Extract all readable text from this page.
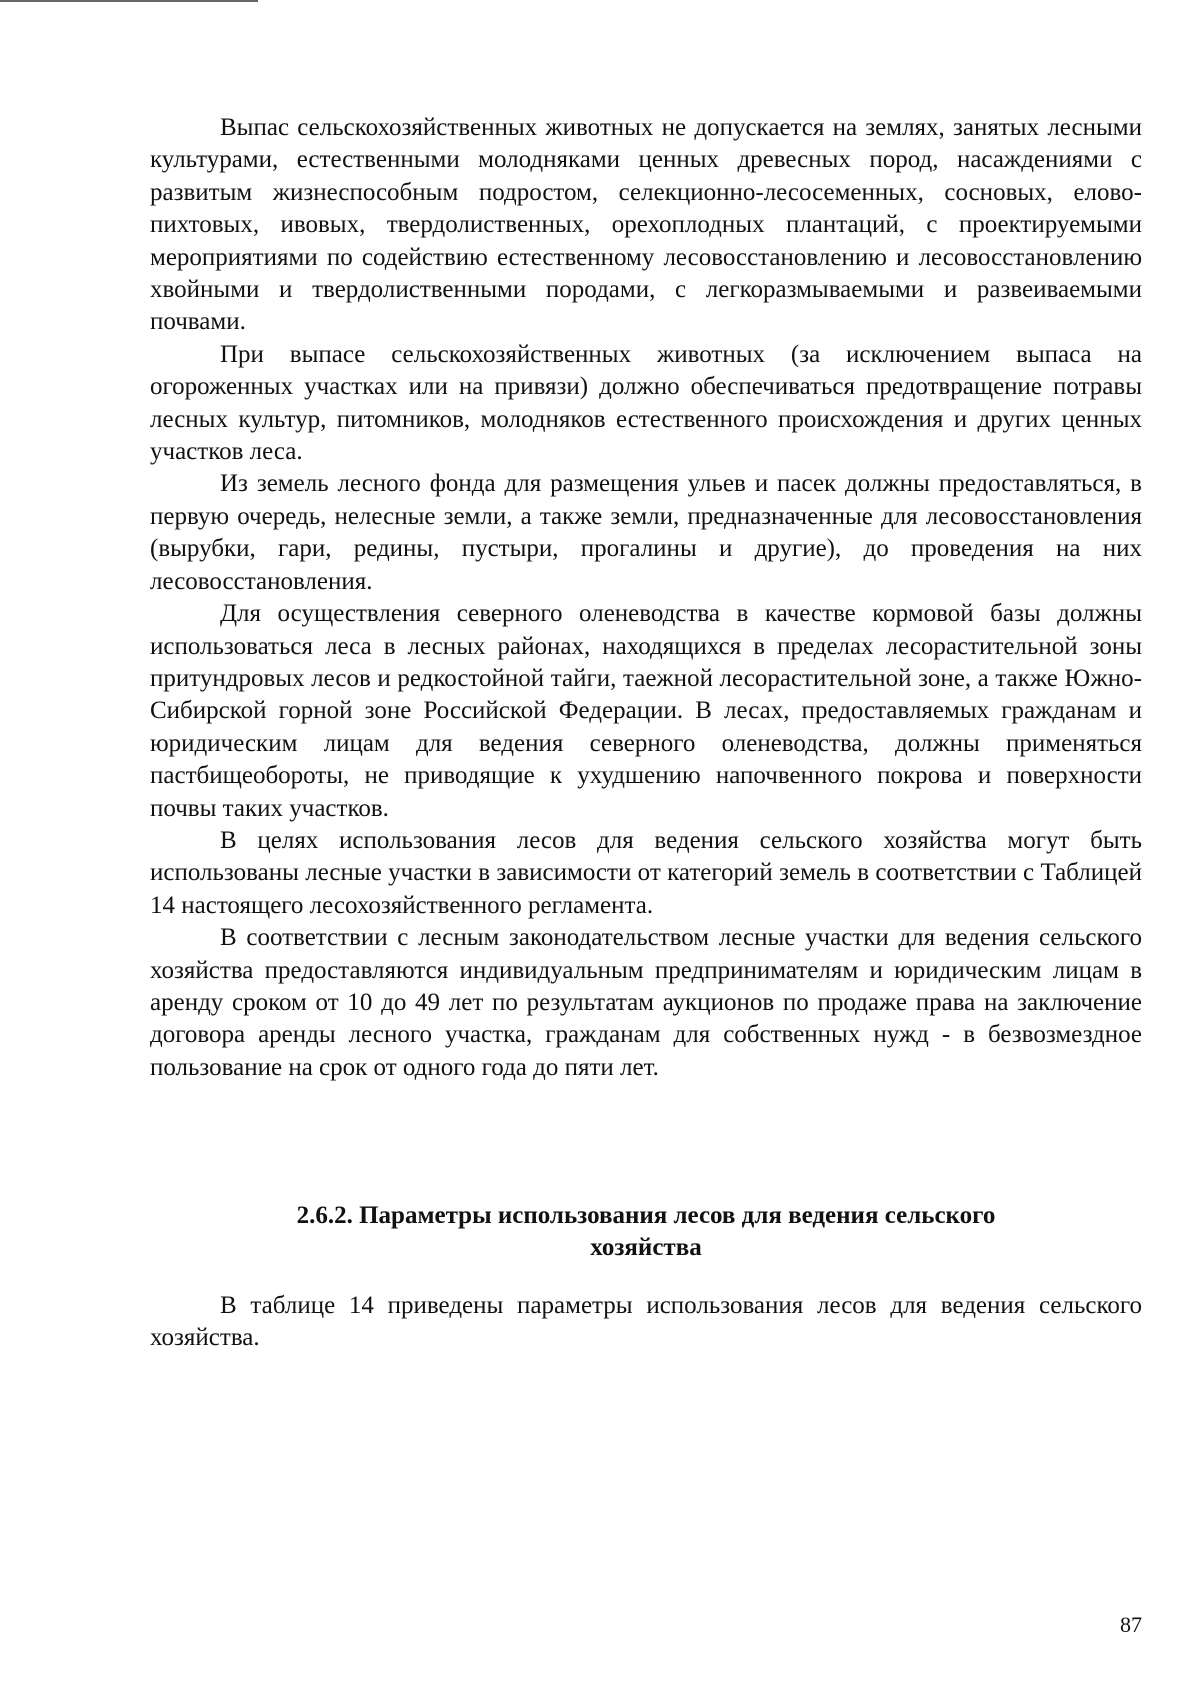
Выпас сельскохозяйственных животных не допускается на землях, занятых лесными культурами, естественными молодняками ценных древесных пород, насаждениями с развитым жизнеспособным подростом, селекционно-лесосеменных, сосновых, елово-пихтовых, ивовых, твердолиственных, орехоплодных плантаций, с проектируемыми мероприятиями по содействию естественному лесовосстановлению и лесовосстановлению хвойными и твердолиственными породами, с легкоразмываемыми и развеиваемыми почвами.

При выпасе сельскохозяйственных животных (за исключением выпаса на огороженных участках или на привязи) должно обеспечиваться предотвращение потравы лесных культур, питомников, молодняков естественного происхождения и других ценных участков леса.

Из земель лесного фонда для размещения ульев и пасек должны предоставляться, в первую очередь, нелесные земли, а также земли, предназначенные для лесовосстановления (вырубки, гари, редины, пустыри, прогалины и другие), до проведения на них лесовосстановления.

Для осуществления северного оленеводства в качестве кормовой базы должны использоваться леса в лесных районах, находящихся в пределах лесорастительной зоны притундровых лесов и редкостойной тайги, таежной лесорастительной зоне, а также Южно-Сибирской горной зоне Российской Федерации. В лесах, предоставляемых гражданам и юридическим лицам для ведения северного оленеводства, должны применяться пастбищеобороты, не приводящие к ухудшению напочвенного покрова и поверхности почвы таких участков.

В целях использования лесов для ведения сельского хозяйства могут быть использованы лесные участки в зависимости от категорий земель в соответствии с Таблицей 14 настоящего лесохозяйственного регламента.

В соответствии с лесным законодательством лесные участки для ведения сельского хозяйства предоставляются индивидуальным предпринимателям и юридическим лицам в аренду сроком от 10 до 49 лет по результатам аукционов по продаже права на заключение договора аренды лесного участка, гражданам для собственных нужд - в безвозмездное пользование на срок от одного года до пяти лет.

2.6.2. Параметры использования лесов для ведения сельского
хозяйства

В таблице 14 приведены параметры использования лесов для ведения сельского хозяйства.

87
